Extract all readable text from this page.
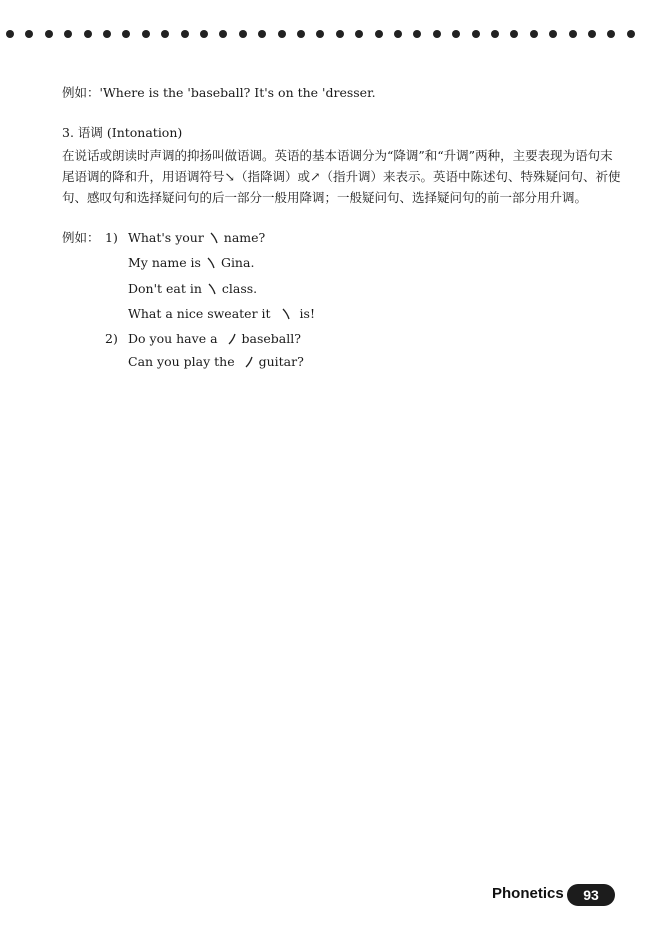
例如：'Where is the 'baseball? It's on the 'dresser.
3. 语调 (Intonation)
在说话或朗读时声调的抑扬叫做语调。英语的基本语调分为“降调”和“升调”两种，主要表现为语句末尾语调的降和升，用语调符号↘（指降调）或↗（指升调）来表示。英语中陈述句、特殊疑问句、祈使句、感叹句和选择疑问句的后一部分一般用降调；一般疑问句、选择疑问句的前一部分用升调。
例如： 1) What's your name?
My name is Gina.
Don't eat in class.
What a nice sweater it is!
2) Do you have a baseball?
Can you play the guitar?
Phonetics	93
